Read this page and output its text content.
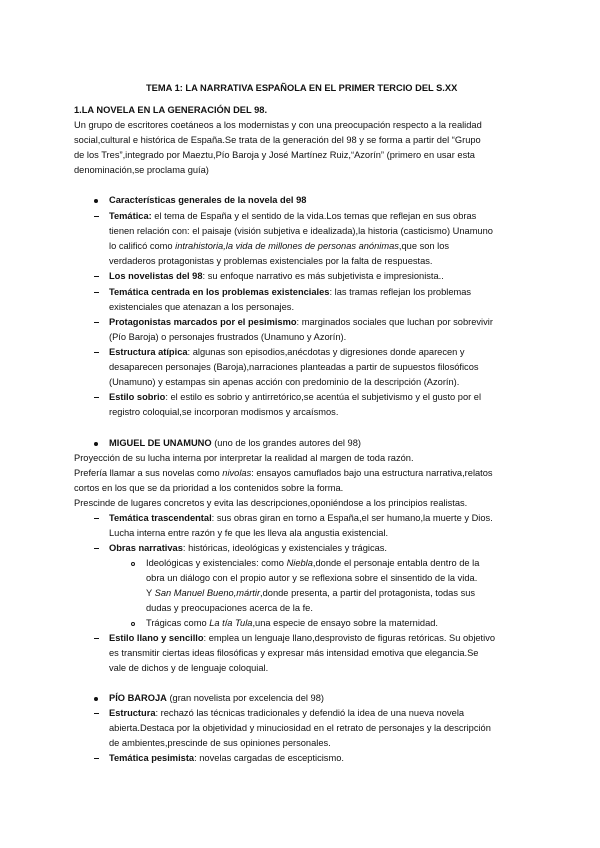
TEMA 1: LA NARRATIVA ESPAÑOLA EN EL PRIMER TERCIO DEL S.XX
1.LA NOVELA EN LA GENERACIÓN DEL 98.
Un grupo de escritores coetáneos a los modernistas y con una preocupación respecto a la realidad
social,cultural e histórica de España.Se trata de la generación del 98 y se forma a partir del “Grupo
de los Tres”,integrado por Maeztu,Pío Baroja y José Martínez Ruiz,“Azorín” (primero en usar esta
denominación,se proclama guía)
Características generales de la novela del 98
Temática: el tema de España y el sentido de la vida.Los temas que reflejan en sus obras
tienen relación con: el paisaje (visión subjetiva e idealizada),la historia (casticismo) Unamuno
lo calificó como intrahistoria,la vida de millones de personas anónimas,que son los
verdaderos protagonistas y problemas existenciales por la falta de respuestas.
Los novelistas del 98: su enfoque narrativo es más subjetivista e impresionista..
Temática centrada en los problemas existenciales: las tramas reflejan los problemas
existenciales que atenazan a los personajes.
Protagonistas marcados por el pesimismo: marginados sociales que luchan por sobrevivir
(Pío Baroja) o personajes frustrados (Unamuno y Azorín).
Estructura atípica: algunas son episodios,anécdotas y digresiones donde aparecen y
desaparecen personajes (Baroja),narraciones planteadas a partir de supuestos filosóficos
(Unamuno) y estampas sin apenas acción con predominio de la descripción (Azorín).
Estilo sobrio: el estilo es sobrio y antirretórico,se acentúa el subjetivismo y el gusto por el
registro coloquial,se incorporan modismos y arcaísmos.
MIGUEL DE UNAMUNO (uno de los grandes autores del 98)
Proyección de su lucha interna por interpretar la realidad al margen de toda razón.
Prefería llamar a sus novelas como nivolas: ensayos camuflados bajo una estructura narrativa,relatos
cortos en los que se da prioridad a los contenidos sobre la forma.
Prescinde de lugares concretos y evita las descripciones,oponiéndose a los principios realistas.
Temática trascendental: sus obras giran en torno a España,el ser humano,la muerte y Dios.
Lucha interna entre razón y fe que les lleva ala angustia existencial.
Obras narrativas: históricas, ideológicas y existenciales y trágicas.
Ideológicas y existenciales: como Niebla,donde el personaje entabla dentro de la
obra un diálogo con el propio autor y se reflexiona sobre el sinsentido de la vida.
Y San Manuel Bueno,mártir,donde presenta, a partir del protagonista, todas sus
dudas y preocupaciones acerca de la fe.
Trágicas como La tía Tula,una especie de ensayo sobre la maternidad.
Estilo llano y sencillo: emplea un lenguaje llano,desprovisto de figuras retóricas. Su objetivo
es transmitir ciertas ideas filosóficas y expresar más intensidad emotiva que elegancia.Se
vale de dichos y de lenguaje coloquial.
PÍO BAROJA (gran novelista por excelencia del 98)
Estructura: rechazó las técnicas tradicionales y defendió la idea de una nueva novela
abierta.Destaca por la objetividad y minuciosidad en el retrato de personajes y la descripción
de ambientes,prescinde de sus opiniones personales.
Temática pesimista: novelas cargadas de escepticismo.
